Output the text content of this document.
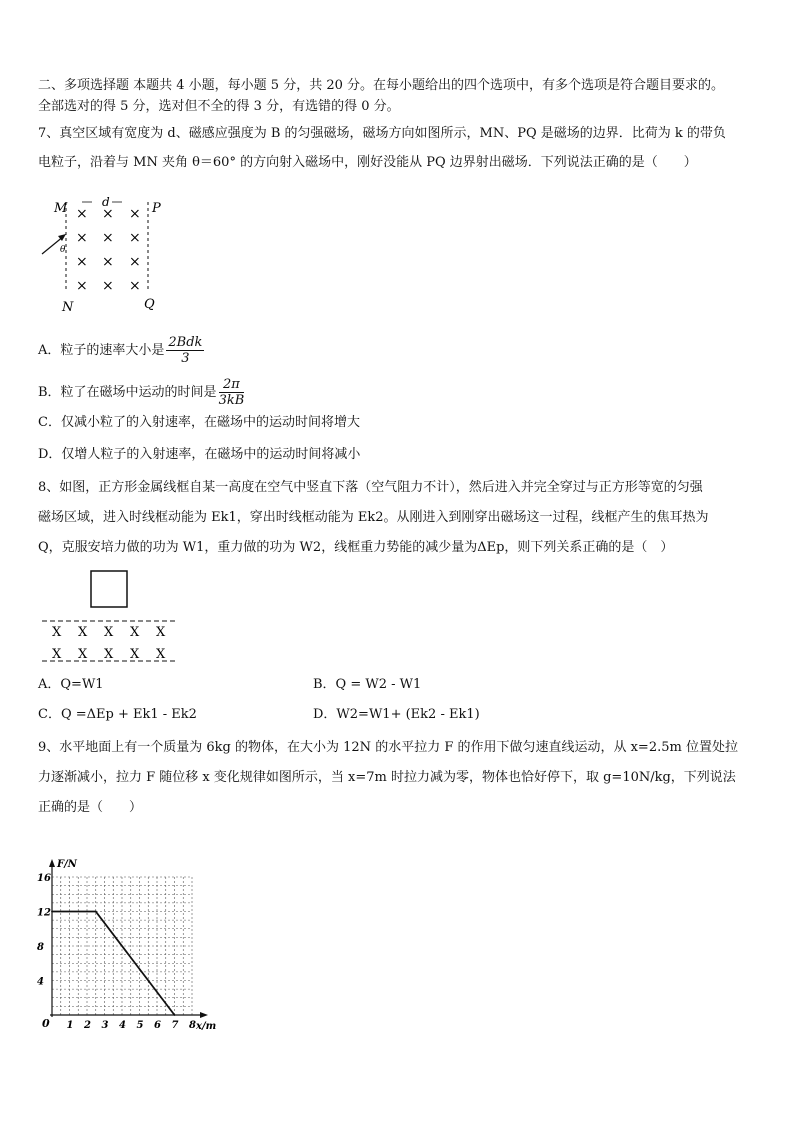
二、多项选择题 本题共 4 小题，每小题 5 分，共 20 分。在每小题给出的四个选项中，有多个选项是符合题目要求的。
全部选对的得 5 分，选对但不全的得 3 分，有选错的得 0 分。
7、真空区域有宽度为 d、磁感应强度为 B 的匀强磁场，磁场方向如图所示，MN、PQ 是磁场的边界．比荷为 k 的带负
电粒子，沿着与 MN 夹角 θ＝60° 的方向射入磁场中，刚好没能从 PQ 边界射出磁场．下列说法正确的是（　　）
d
M	P
N	Q
θ
× × ×
× × ×
× × ×
× × ×
A．粒子的速率大小是 $\frac{\text{2Bdk}}{3}$
B．粒了在磁场中运动的时间是 $\frac{2\pi}{3kB}$
C．仅减小粒了的入射速率，在磁场中的运动时间将增大
D．仅增人粒子的入射速率，在磁场中的运动时间将减小
8、如图，正方形金属线框自某一高度在空气中竖直下落（空气阻力不计），然后进入并完全穿过与正方形等宽的匀强
磁场区域，进入时线框动能为 Ek1，穿出时线框动能为 Ek2。从刚进入到刚穿出磁场这一过程，线框产生的焦耳热为
Q，克服安培力做的功为 W1，重力做的功为 W2，线框重力势能的减少量为ΔEp，则下列关系正确的是（　）
X X X X X
X X X X X
A．Q=W1	B．Q = W2 - W1
C．Q =ΔEp + Ek1 - Ek2	D．W2=W1+ (Ek2 - Ek1)
9、水平地面上有一个质量为 6kg 的物体，在大小为 12N 的水平拉力 F 的作用下做匀速直线运动，从 x=2.5m 位置处拉
力逐渐减小，拉力 F 随位移 x 变化规律如图所示，当 x=7m 时拉力减为零，物体也恰好停下，取 g=10N/kg，下列说法
正确的是（　　）
F/N
x/m
0 1 2 3 4 5 6 7 8
4
8
12
16
